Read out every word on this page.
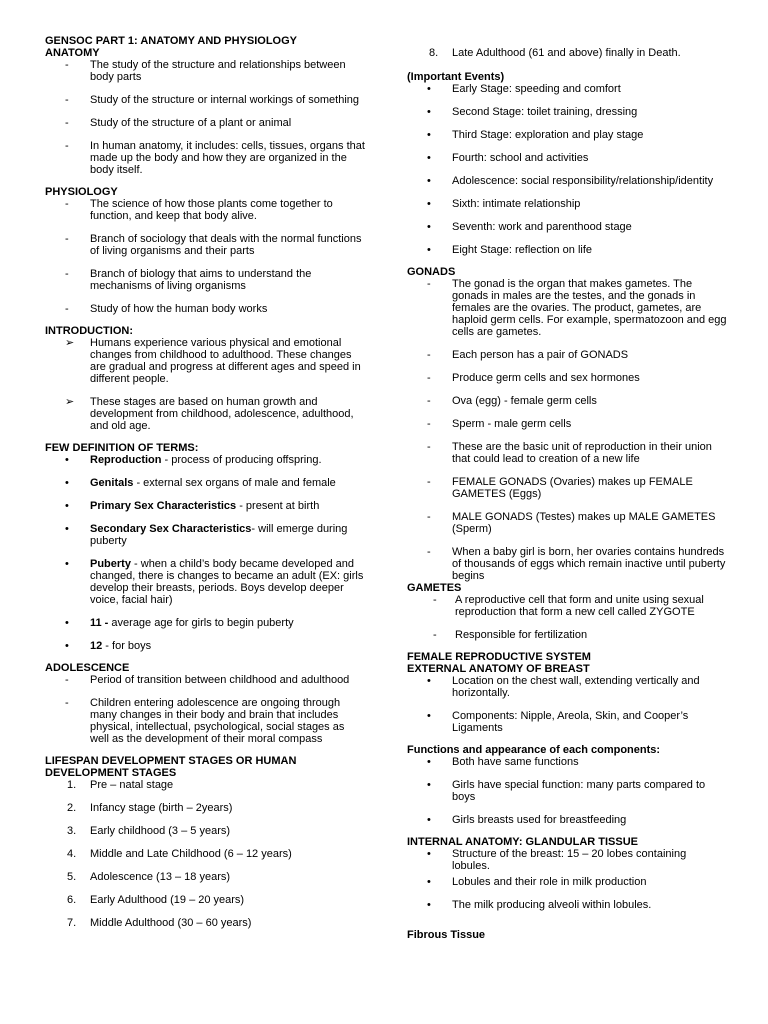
GENSOC PART 1: ANATOMY AND PHYSIOLOGY
ANATOMY
-	The study of the structure and relationships between body parts
-	Study of the structure or internal workings of something
-	Study of the structure of a plant or animal
-	In human anatomy, it includes: cells, tissues, organs that made up the body and how they are organized in the body itself.
PHYSIOLOGY
-	The science of how those plants come together to function, and keep that body alive.
-	Branch of sociology that deals with the normal functions of living organisms and their parts
-	Branch of biology that aims to understand the mechanisms of living organisms
-	Study of how the human body works
INTRODUCTION:
➢	Humans experience various physical and emotional changes from childhood to adulthood. These changes are gradual and progress at different ages and speed in different people.
➢	These stages are based on human growth and development from childhood, adolescence, adulthood, and old age.
FEW DEFINITION OF TERMS:
•	Reproduction - process of producing offspring.
•	Genitals - external sex organs of male and female
•	Primary Sex Characteristics - present at birth
•	Secondary Sex Characteristics- will emerge during puberty
•	Puberty - when a child’s body became developed and changed, there is changes to became an adult (EX: girls develop their breasts, periods. Boys develop deeper voice, facial hair)
•	11 - average age for girls to begin puberty
•	12 - for boys
ADOLESCENCE
-	Period of transition between childhood and adulthood
-	Children entering adolescence are ongoing through many changes in their body and brain that includes physical, intellectual, psychological, social stages as well as the development of their moral compass
LIFESPAN DEVELOPMENT STAGES OR HUMAN DEVELOPMENT STAGES
1.	Pre – natal stage
2.	Infancy stage (birth – 2years)
3.	Early childhood (3 – 5 years)
4.	Middle and Late Childhood (6 – 12 years)
5.	Adolescence (13 – 18 years)
6.	Early Adulthood (19 – 20 years)
7.	Middle Adulthood (30 – 60 years)
8.	Late Adulthood (61 and above) finally in Death.
(Important Events)
•	Early Stage: speeding and comfort
•	Second Stage: toilet training, dressing
•	Third Stage: exploration and play stage
•	Fourth: school and activities
•	Adolescence: social responsibility/relationship/identity
•	Sixth: intimate relationship
•	Seventh: work and parenthood stage
•	Eight Stage: reflection on life
GONADS
-	The gonad is the organ that makes gametes. The gonads in males are the testes, and the gonads in females are the ovaries. The product, gametes, are haploid germ cells. For example, spermatozoon and egg cells are gametes.
-	Each person has a pair of GONADS
-	Produce germ cells and sex hormones
-	Ova (egg) - female germ cells
-	Sperm - male germ cells
-	These are the basic unit of reproduction in their union that could lead to creation of a new life
-	FEMALE GONADS (Ovaries) makes up FEMALE GAMETES (Eggs)
-	MALE GONADS (Testes) makes up MALE GAMETES (Sperm)
-	When a baby girl is born, her ovaries contains hundreds of thousands of eggs which remain inactive until puberty begins
GAMETES
-	A reproductive cell that form and unite using sexual reproduction that form a new cell called ZYGOTE
-	Responsible for fertilization
FEMALE REPRODUCTIVE SYSTEM
EXTERNAL ANATOMY OF BREAST
•	Location on the chest wall, extending vertically and horizontally.
•	Components: Nipple, Areola, Skin, and Cooper’s Ligaments
Functions and appearance of each components:
•	Both have same functions
•	Girls have special function: many parts compared to boys
•	Girls breasts used for breastfeeding
INTERNAL ANATOMY: GLANDULAR TISSUE
•	Structure of the breast: 15 – 20 lobes containing lobules.
•	Lobules and their role in milk production
•	The milk producing alveoli within lobules.
Fibrous Tissue
